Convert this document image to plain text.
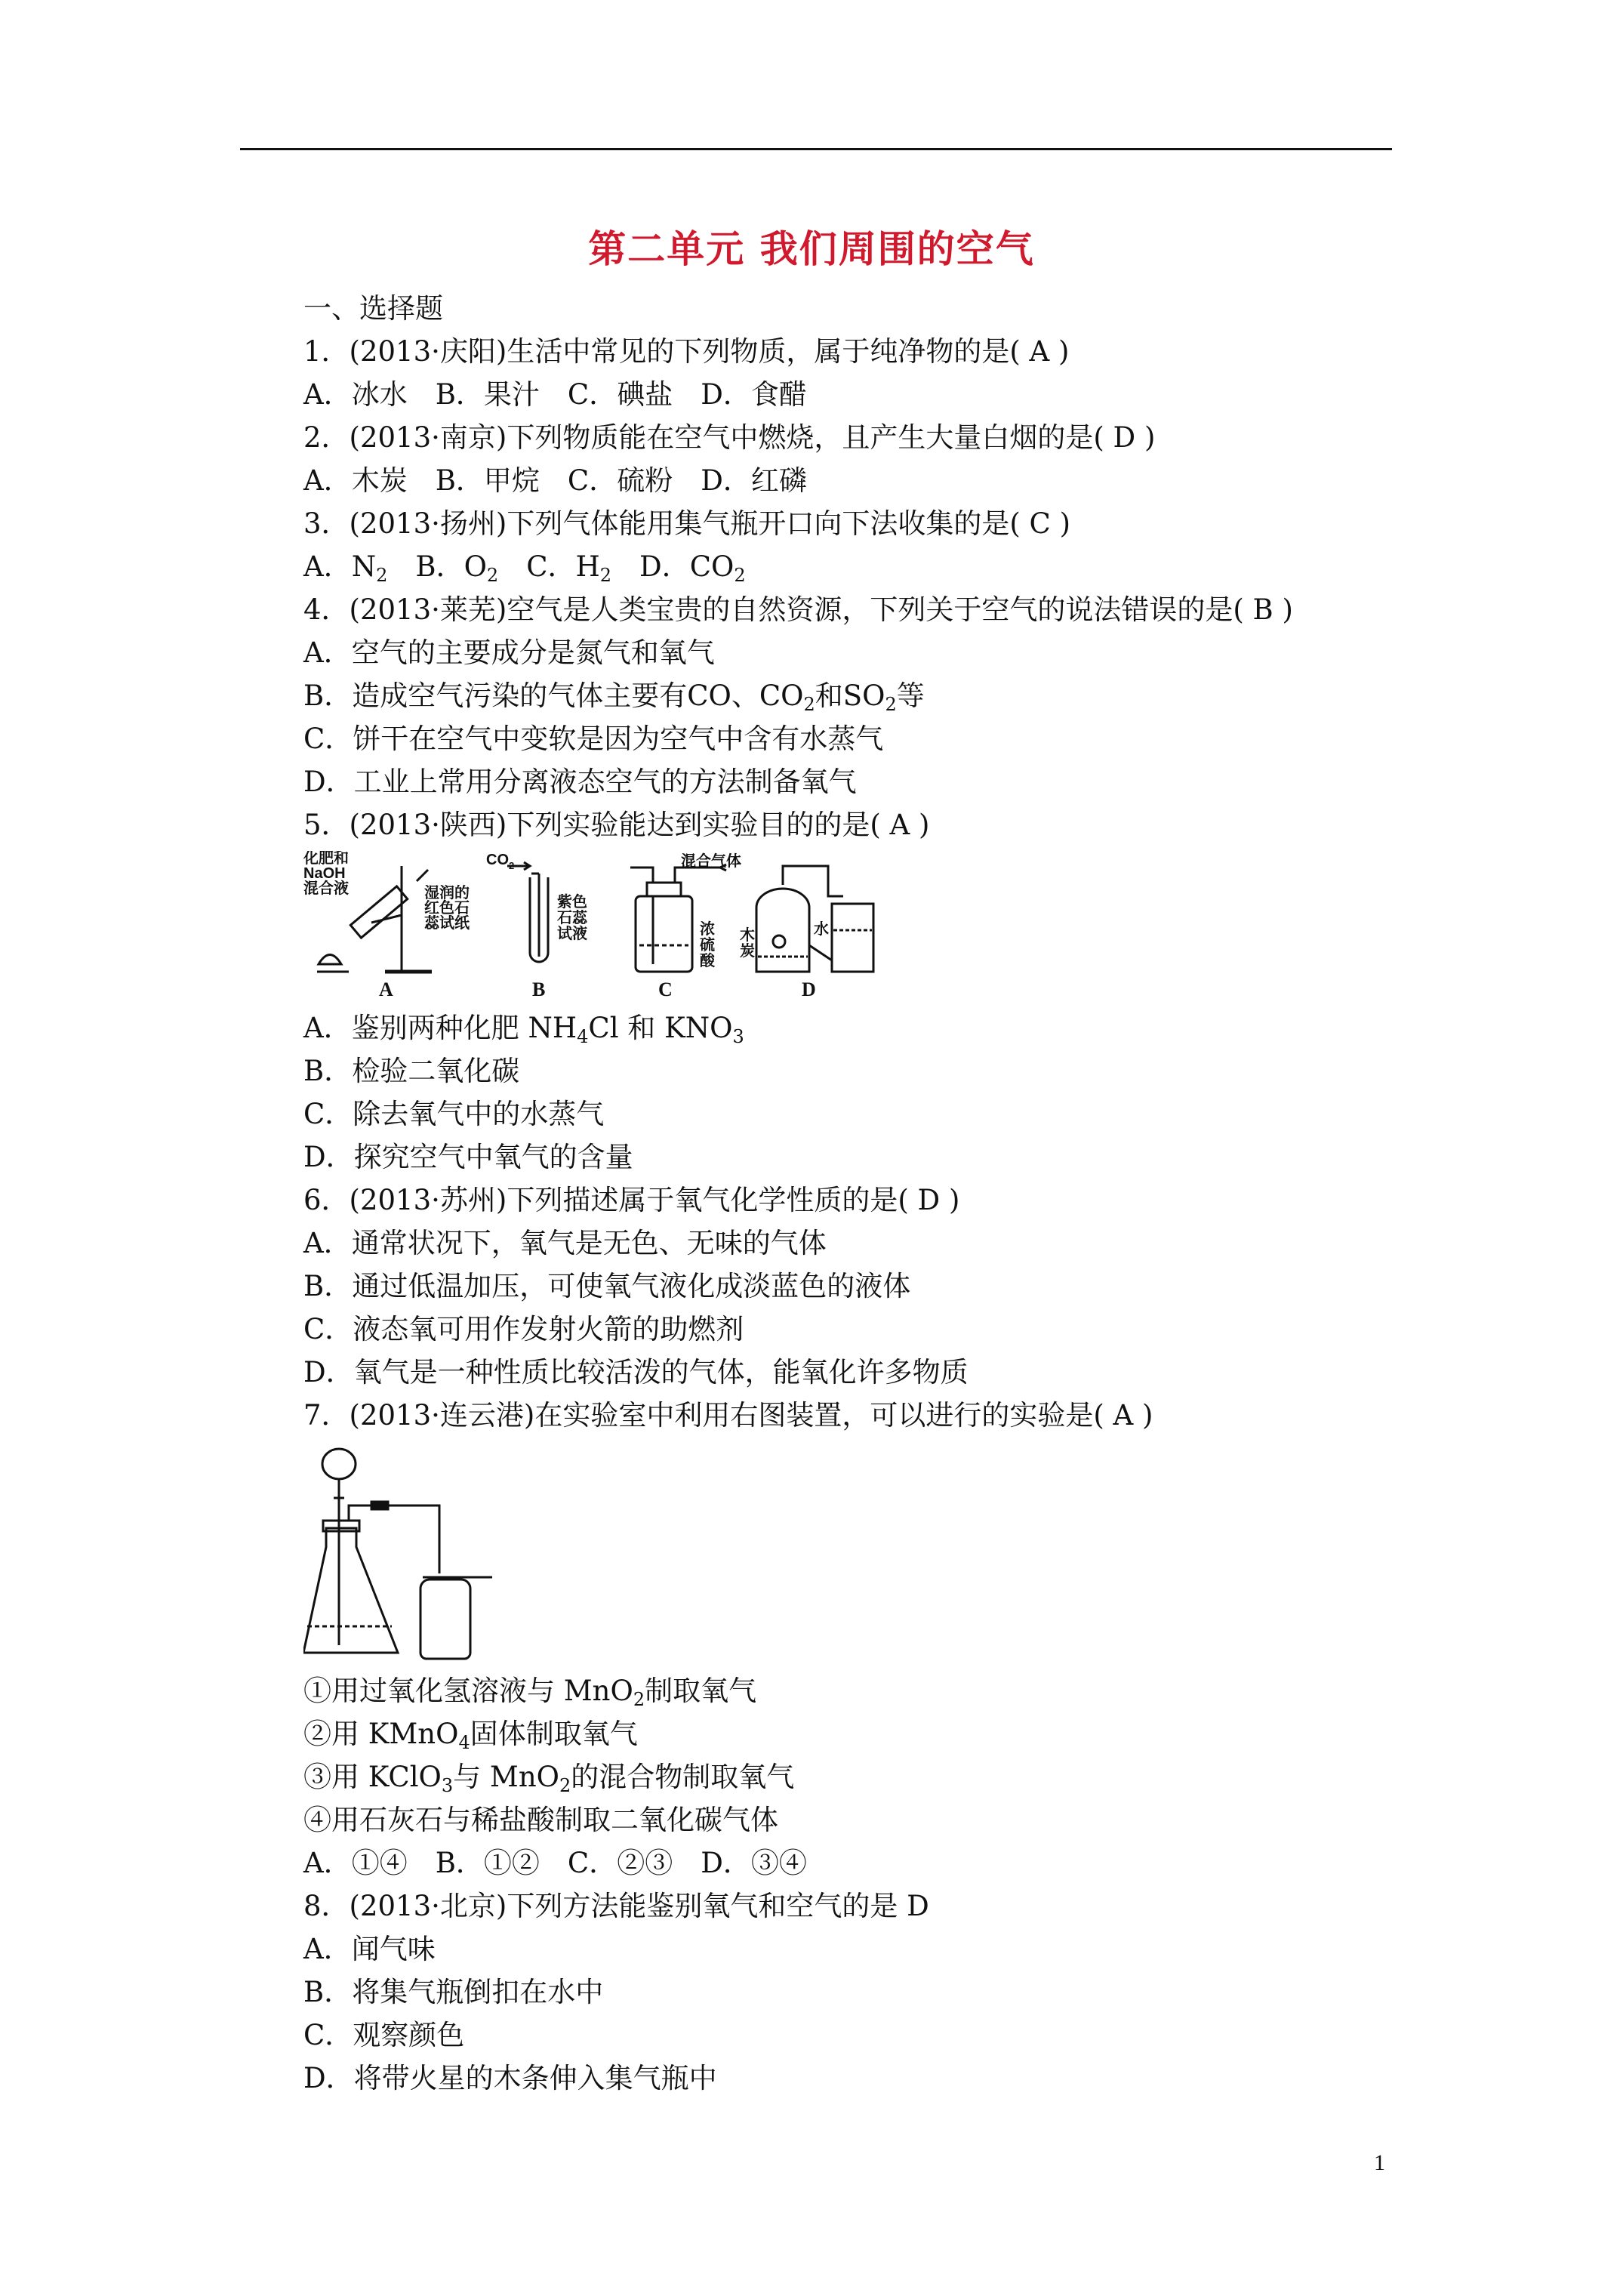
第二单元 我们周围的空气
一、选择题
1．(2013·庆阳)生活中常见的下列物质，属于纯净物的是( A )
A．冰水　B．果汁　C．碘盐　D．食醋
2．(2013·南京)下列物质能在空气中燃烧，且产生大量白烟的是( D )
A．木炭　B．甲烷　C．硫粉　D．红磷
3．(2013·扬州)下列气体能用集气瓶开口向下法收集的是( C )
A．$N_2$　B．$O_2$　C．$H_2$　D．$CO_2$
4．(2013·莱芜)空气是人类宝贵的自然资源，下列关于空气的说法错误的是( B )
A．空气的主要成分是氮气和氧气
B．造成空气污染的气体主要有CO、$CO_2$和$SO_2$等
C．饼干在空气中变软是因为空气中含有水蒸气
D．工业上常用分离液态空气的方法制备氧气
5．(2013·陕西)下列实验能达到实验目的的是( A )
化肥和
NaOH
混合液	湿润的
红色石
蕊试纸
CO 2
紫色
石蕊
试液
混合气体
浓
硫
酸
木
炭
水
A	B	C	D
A．鉴别两种化肥 $NH_4Cl$ 和 $KNO_3$
B．检验二氧化碳
C．除去氧气中的水蒸气
D．探究空气中氧气的含量
6．(2013·苏州)下列描述属于氧气化学性质的是( D )
A．通常状况下，氧气是无色、无味的气体
B．通过低温加压，可使氧气液化成淡蓝色的液体
C．液态氧可用作发射火箭的助燃剂
D．氧气是一种性质比较活泼的气体，能氧化许多物质
7．(2013·连云港)在实验室中利用右图装置，可以进行的实验是( A )
①用过氧化氢溶液与 MnO$_2$制取氧气
②用 KMnO$_4$固体制取氧气
③用 KClO$_3$与 MnO$_2$的混合物制取氧气
④用石灰石与稀盐酸制取二氧化碳气体
A．①④　B．①②　C．②③　D．③④
8．(2013·北京)下列方法能鉴别氧气和空气的是 D
A．闻气味
B．将集气瓶倒扣在水中
C．观察颜色
D．将带火星的木条伸入集气瓶中
1
